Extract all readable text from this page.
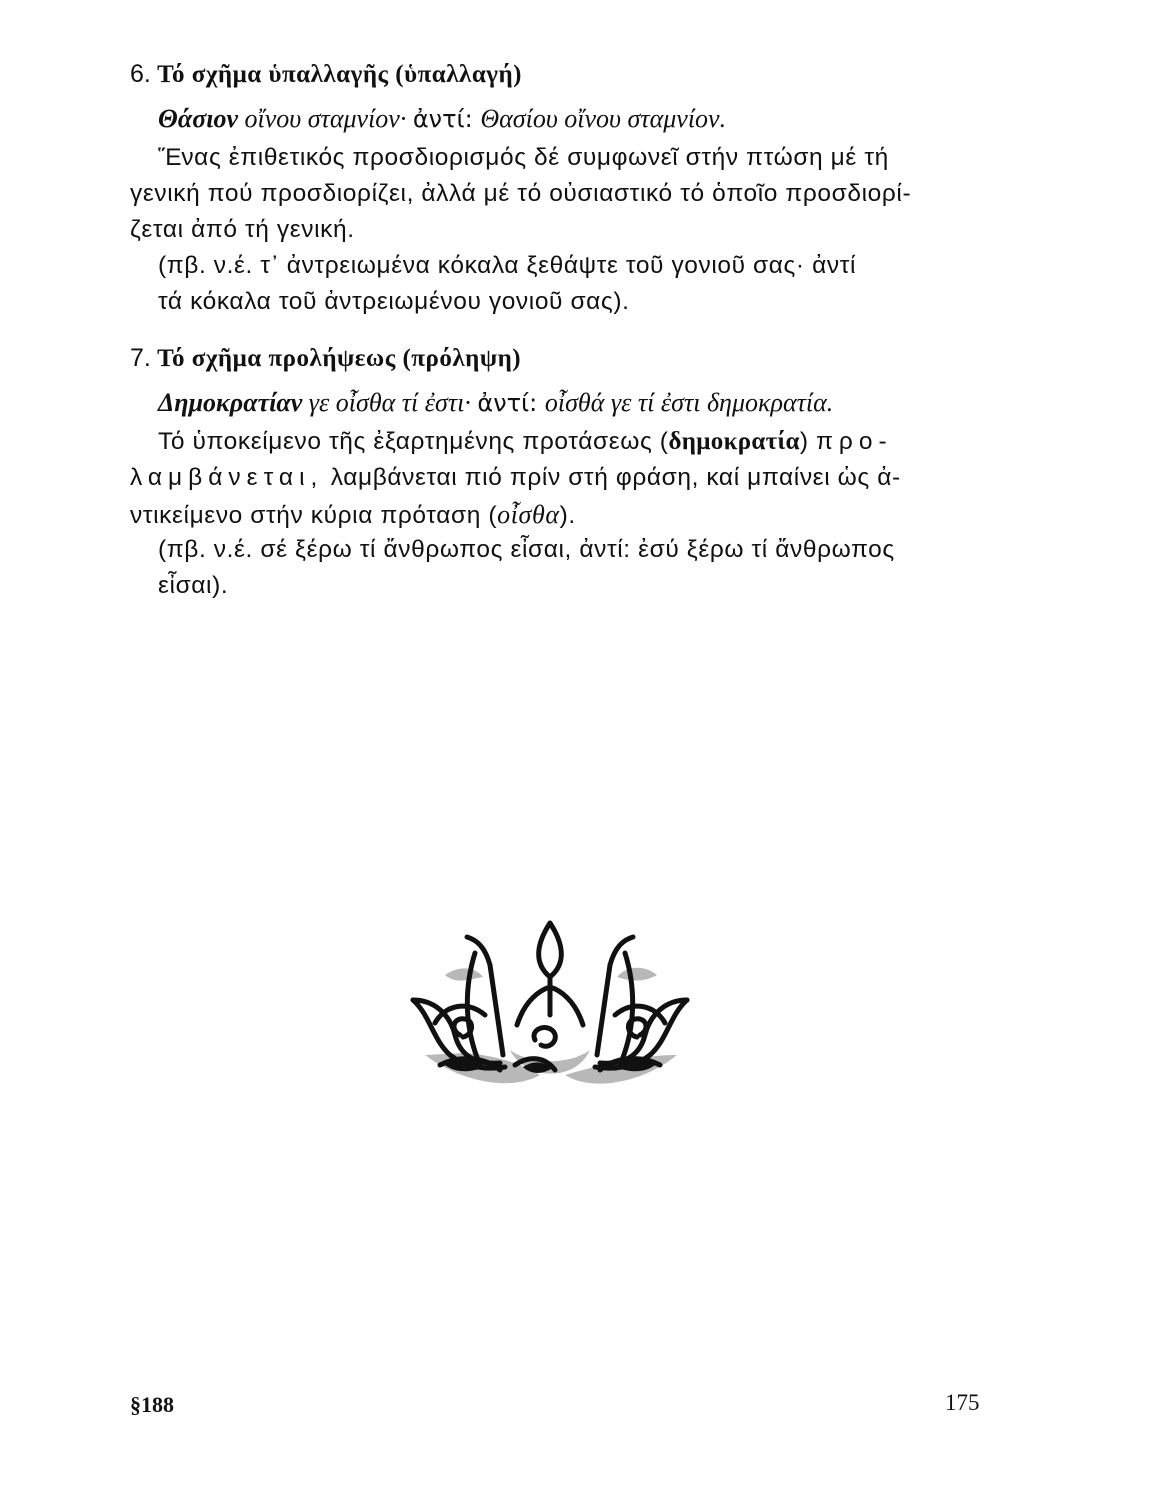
6. Τό σχῆμα ὑπαλλαγῆς (ὑπαλλαγή)
Θάσιον οἴνου σταμνίον· ἀντί: Θασίου οἴνου σταμνίον.
Ἕνας ἐπιθετικός προσδιορισμός δέ συμφωνεῖ στήν πτώση μέ τή
γενική πού προσδιορίζει, ἀλλά μέ τό οὐσιαστικό τό ὁποῖο προσδιορί-
ζεται ἀπό τή γενική.
(πβ. ν.έ. τ᾽ ἀντρειωμένα κόκαλα ξεθάψτε τοῦ γονιοῦ σας· ἀντί
τά κόκαλα τοῦ ἀντρειωμένου γονιοῦ σας).
7. Τό σχῆμα προλήψεως (πρόληψη)
Δημοκρατίαν γε οἶσθα τί ἐστι· ἀντί: οἶσθά γε τί ἐστι δημοκρατία.
Τό ὑποκείμενο τῆς ἐξαρτημένης προτάσεως (δημοκρατία) προ-
λαμβάνεται, λαμβάνεται πιό πρίν στή φράση, καί μπαίνει ὡς ἀ-
ντικείμενο στήν κύρια πρόταση (οἶσθα).
(πβ. ν.έ. σέ ξέρω τί ἄνθρωπος εἶσαι, ἀντί: ἐσύ ξέρω τί ἄνθρωπος
εἶσαι).
§188	175
